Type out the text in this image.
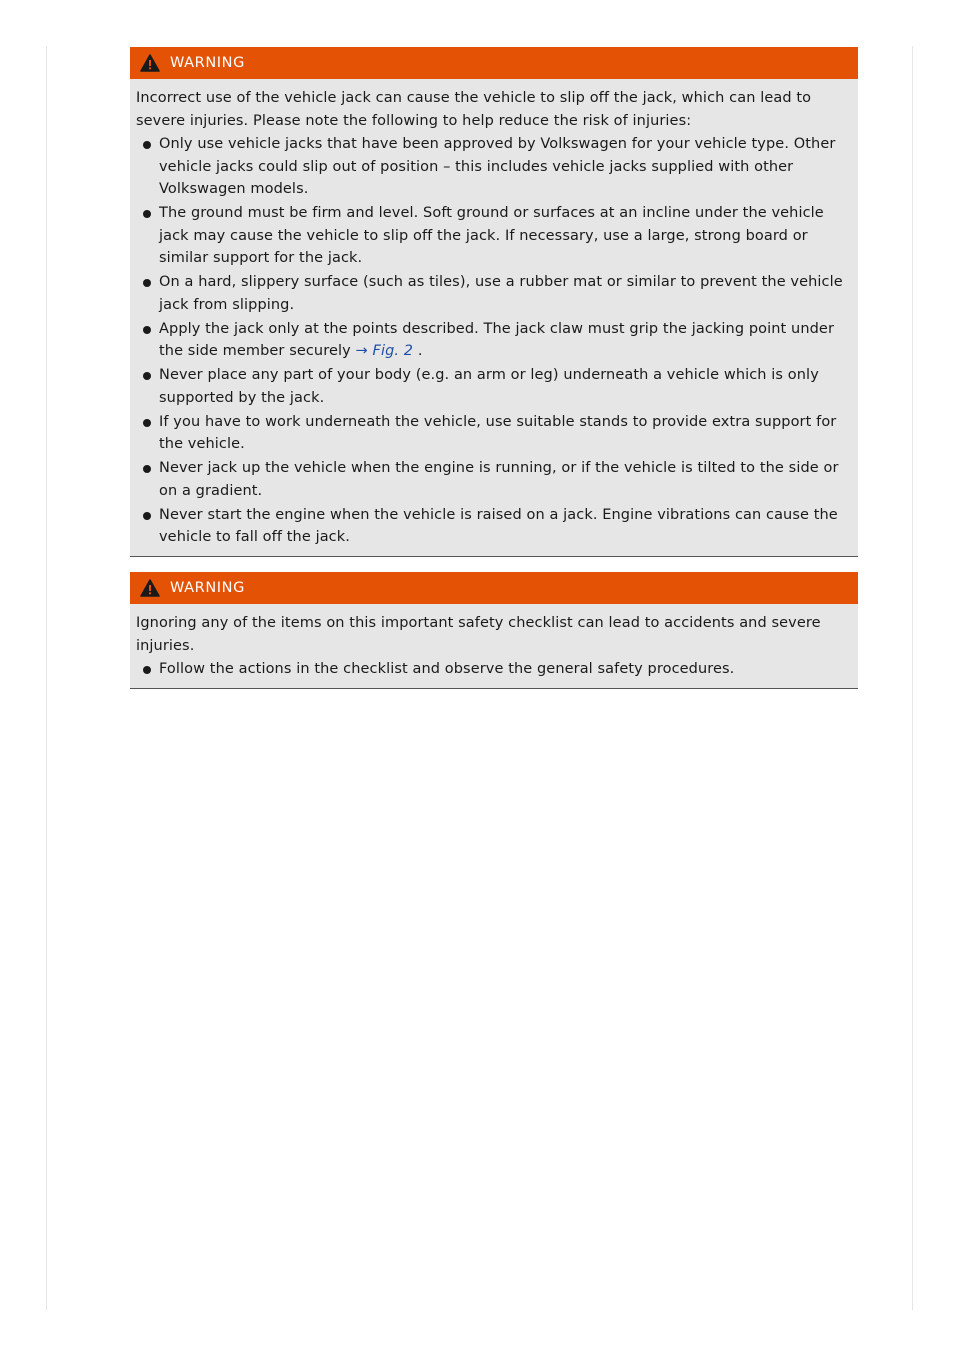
WARNING
Incorrect use of the vehicle jack can cause the vehicle to slip off the jack, which can lead to severe injuries. Please note the following to help reduce the risk of injuries:
Only use vehicle jacks that have been approved by Volkswagen for your vehicle type. Other vehicle jacks could slip out of position – this includes vehicle jacks supplied with other Volkswagen models.
The ground must be firm and level. Soft ground or surfaces at an incline under the vehicle jack may cause the vehicle to slip off the jack. If necessary, use a large, strong board or similar support for the jack.
On a hard, slippery surface (such as tiles), use a rubber mat or similar to prevent the vehicle jack from slipping.
Apply the jack only at the points described. The jack claw must grip the jacking point under the side member securely → Fig. 2 .
Never place any part of your body (e.g. an arm or leg) underneath a vehicle which is only supported by the jack.
If you have to work underneath the vehicle, use suitable stands to provide extra support for the vehicle.
Never jack up the vehicle when the engine is running, or if the vehicle is tilted to the side or on a gradient.
Never start the engine when the vehicle is raised on a jack. Engine vibrations can cause the vehicle to fall off the jack.
WARNING
Ignoring any of the items on this important safety checklist can lead to accidents and severe injuries.
Follow the actions in the checklist and observe the general safety procedures.
